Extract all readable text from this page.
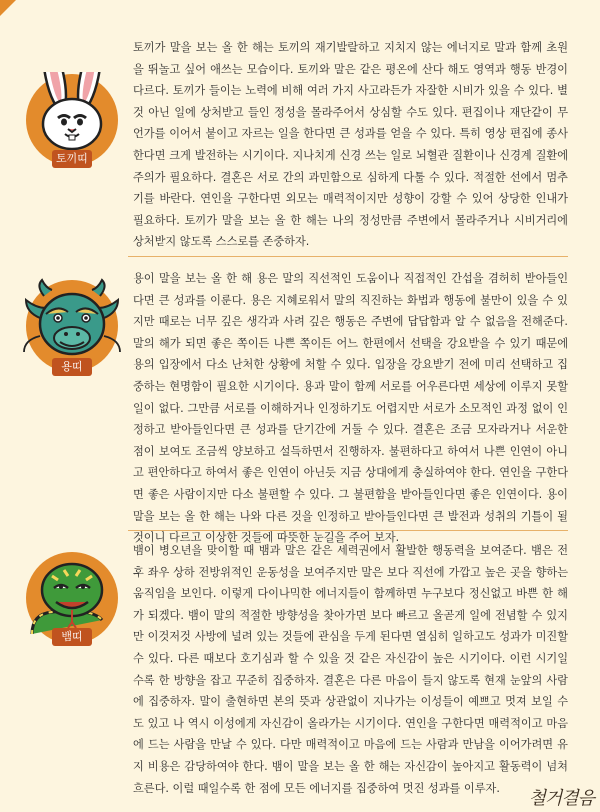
토끼띠

토끼가 말을 보는 올 한 해는 토끼의 재기발랄하고 지치지 않는 에너지로 말과 함께 초원을 뛰놀고 싶어 애쓰는 모습이다. 토끼와 말은 같은 평온에 산다 해도 영역과 행동 반경이 다르다. 토끼가 들이는 노력에 비해 여러 가지 사고라든가 자잘한 시비가 있을 수 있다. 별것 아닌 일에 상처받고 들인 정성을 몰라주어서 상심할 수도 있다. 편집이나 재단같이 무언가를 이어서 붙이고 자르는 일을 한다면 큰 성과를 얻을 수 있다. 특히 영상 편집에 종사한다면 크게 발전하는 시기이다. 지나치게 신경 쓰는 일로 뇌혈관 질환이나 신경계 질환에 주의가 필요하다. 결혼은 서로 간의 과민함으로 심하게 다툴 수 있다. 적절한 선에서 멈추기를 바란다. 연인을 구한다면 외모는 매력적이지만 성향이 강할 수 있어 상당한 인내가 필요하다. 토끼가 말을 보는 올 한 해는 나의 정성만큼 주변에서 몰라주거나 시비거리에 상처받지 않도록 스스로를 존중하자.

용띠

용이 말을 보는 올 한 해 용은 말의 직선적인 도움이나 직접적인 간섭을 겸허히 받아들인다면 큰 성과를 이룬다. 용은 지혜로워서 말의 직진하는 화법과 행동에 불만이 있을 수 있지만 때로는 너무 깊은 생각과 사려 깊은 행동은 주변에 답답함과 알 수 없음을 전해준다. 말의 해가 되면 좋은 쪽이든 나쁜 쪽이든 어느 한편에서 선택을 강요받을 수 있기 때문에 용의 입장에서 다소 난처한 상황에 처할 수 있다. 입장을 강요받기 전에 미리 선택하고 집중하는 현명함이 필요한 시기이다. 용과 말이 함께 서로를 어우른다면 세상에 이루지 못할 일이 없다. 그만큼 서로를 이해하거나 인정하기도 어렵지만 서로가 소모적인 과정 없이 인정하고 받아들인다면 큰 성과를 단기간에 거둘 수 있다. 결혼은 조금 모자라거나 서운한 점이 보여도 조금씩 양보하고 설득하면서 진행하자. 불편하다고 하여서 나쁜 인연이 아니고 편안하다고 하여서 좋은 인연이 아닌듯 지금 상대에게 충실하여야 한다. 연인을 구한다면 좋은 사람이지만 다소 불편할 수 있다. 그 불편함을 받아들인다면 좋은 인연이다. 용이 말을 보는 올 한 해는 나와 다른 것을 인정하고 받아들인다면 큰 발전과 성취의 기틀이 될 것이니 다르고 이상한 것들에 따뜻한 눈길을 주어 보자.

뱀띠

뱀이 병오년을 맞이할 때 뱀과 말은 같은 세력권에서 활발한 행동력을 보여준다. 뱀은 전후 좌우 상하 전방위적인 운동성을 보여주지만 말은 보다 직선에 가깝고 높은 곳을 향하는 움직임을 보인다. 이렇게 다이나믹한 에너지들이 함께하면 누구보다 정신없고 바쁜 한 해가 되겠다. 뱀이 말의 적절한 방향성을 찾아가면 보다 빠르고 올곧게 일에 전념할 수 있지만 이것저것 사방에 널려 있는 것들에 관심을 두게 된다면 열심히 일하고도 성과가 미진할 수 있다. 다른 때보다 호기심과 할 수 있을 것 같은 자신감이 높은 시기이다. 이런 시기일수록 한 방향을 잡고 꾸준히 집중하자. 결혼은 다른 마음이 들지 않도록 현재 눈앞의 사람에 집중하자. 말이 출현하면 본의 뜻과 상관없이 지나가는 이성들이 예쁘고 멋져 보일 수도 있고 나 역시 이성에게 자신감이 올라가는 시기이다. 연인을 구한다면 매력적이고 마음에 드는 사람을 만날 수 있다. 다만 매력적이고 마음에 드는 사람과 만남을 이어가려면 유지 비용은 감당하여야 한다. 뱀이 말을 보는 올 한 해는 자신감이 높아지고 활동력이 넘쳐흐른다. 이럴 때일수록 한 점에 모든 에너지를 집중하여 멋진 성과를 이루자.	철거결음
